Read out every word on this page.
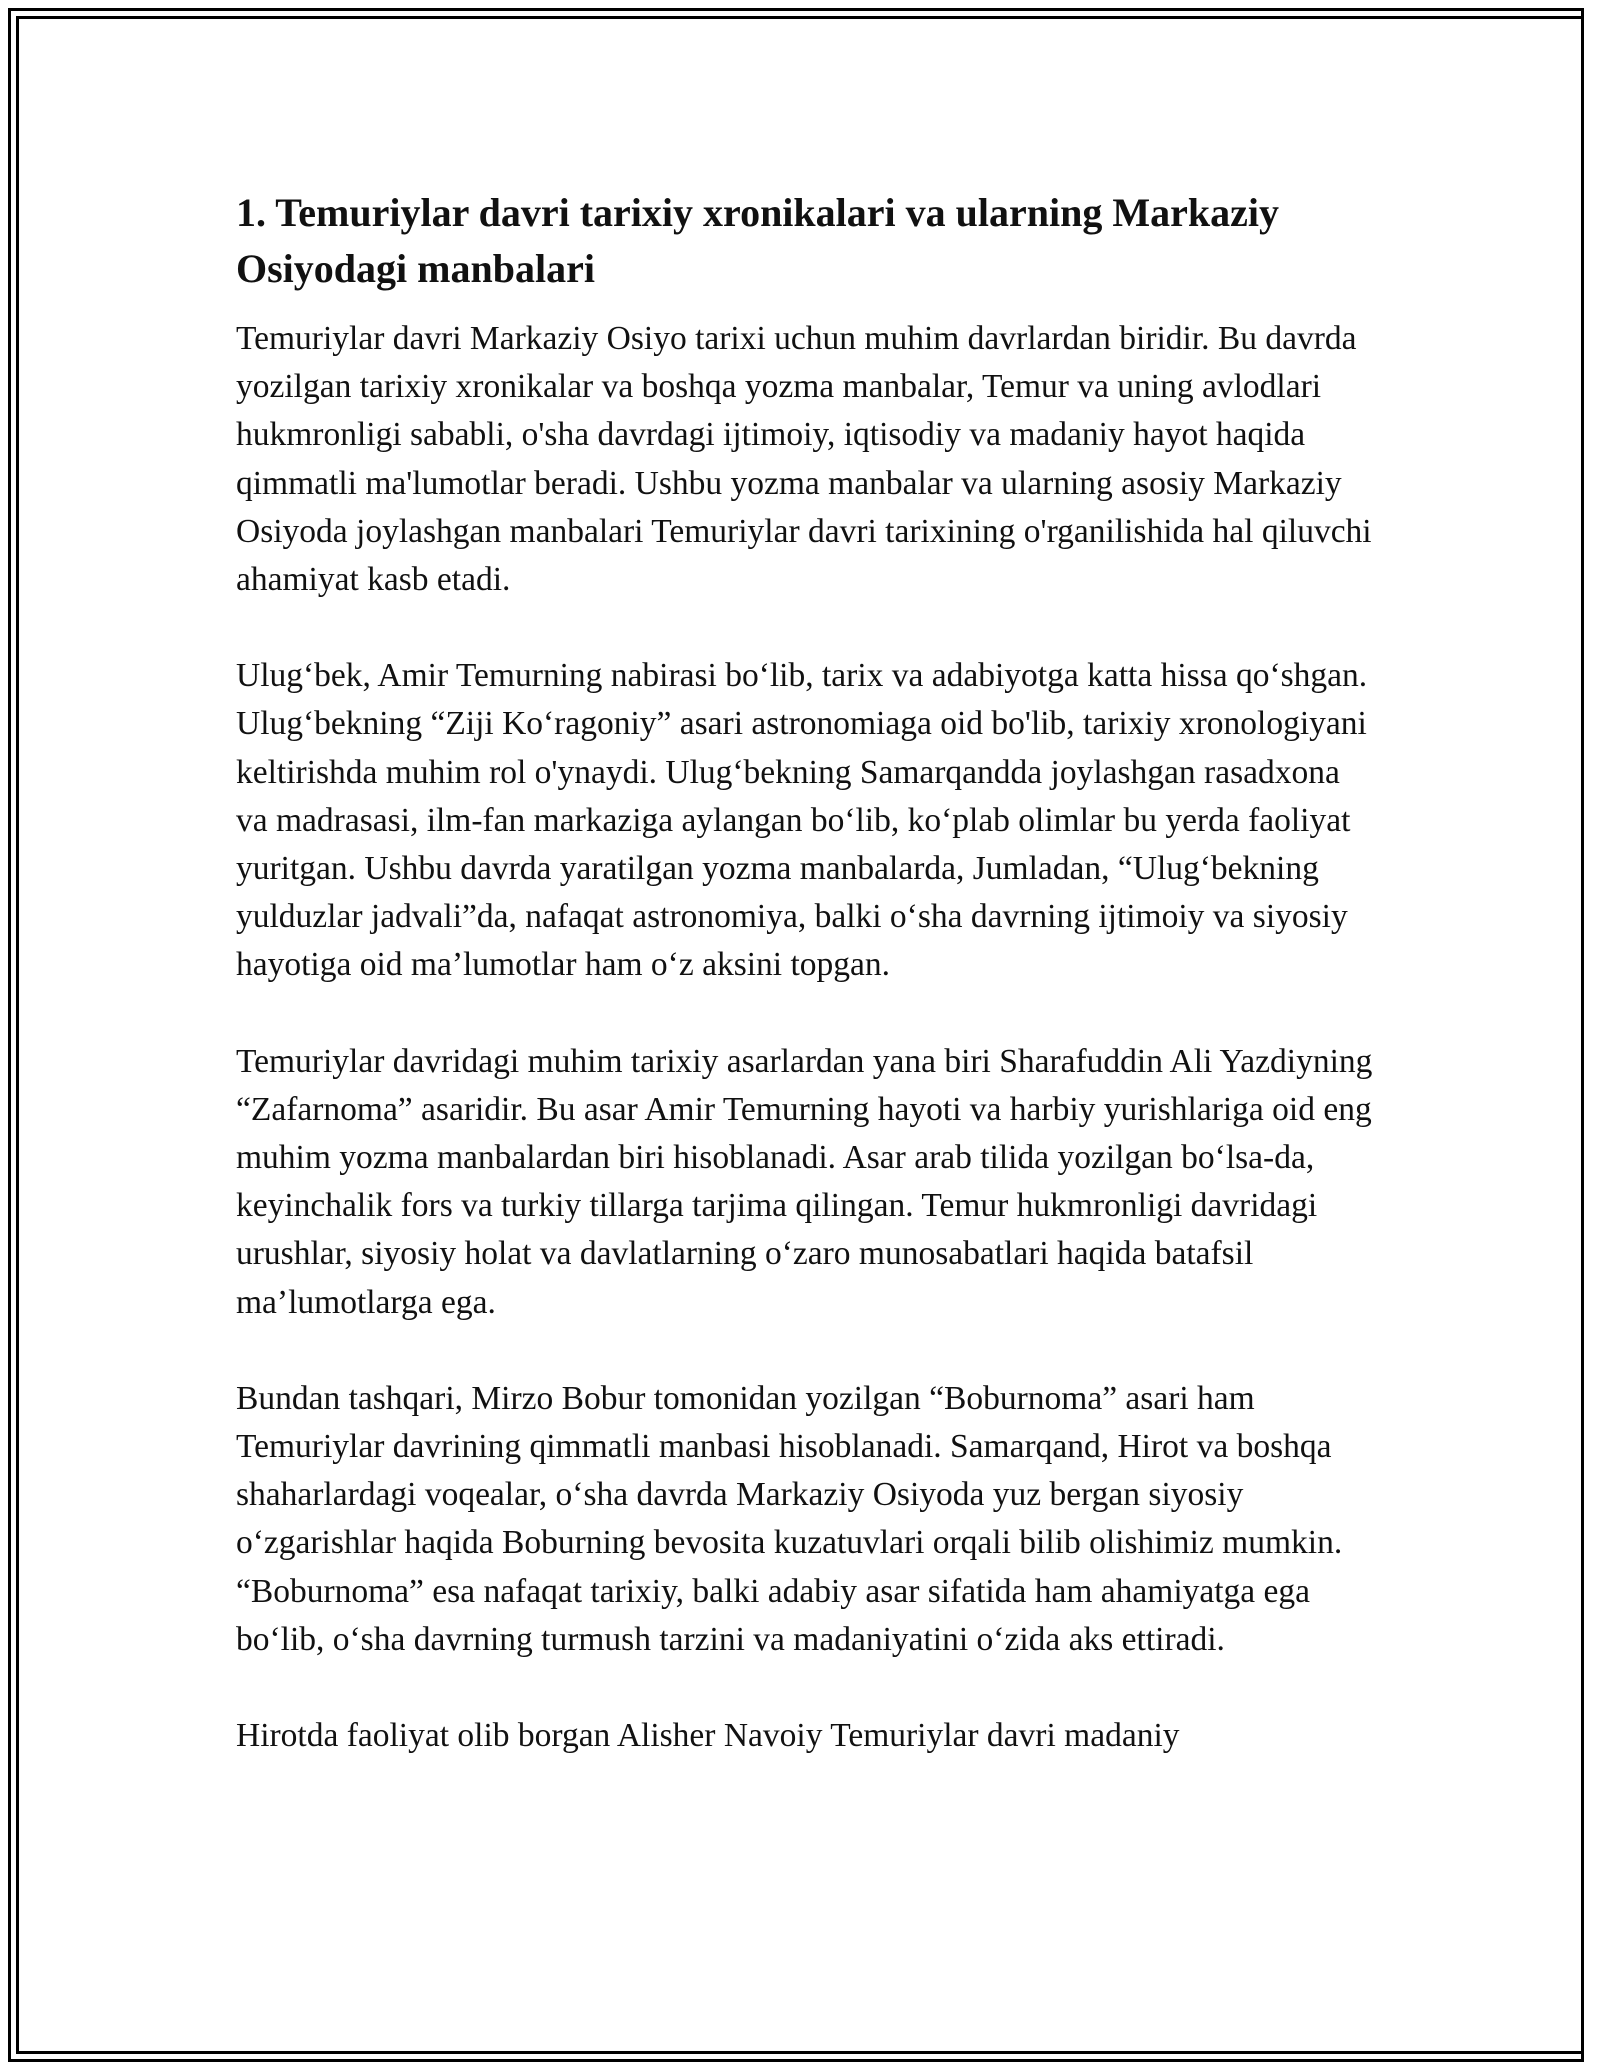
1. Temuriylar davri tarixiy xronikalari va ularning Markaziy Osiyodagi manbalari

Temuriylar davri Markaziy Osiyo tarixi uchun muhim davrlardan biridir. Bu davrda yozilgan tarixiy xronikalar va boshqa yozma manbalar, Temur va uning avlodlari hukmronligi sababli, o'sha davrdagi ijtimoiy, iqtisodiy va madaniy hayot haqida qimmatli ma'lumotlar beradi. Ushbu yozma manbalar va ularning asosiy Markaziy Osiyoda joylashgan manbalari Temuriylar davri tarixining o'rganilishida hal qiluvchi ahamiyat kasb etadi.

Ulug‘bek, Amir Temurning nabirasi bo‘lib, tarix va adabiyotga katta hissa qo‘shgan. Ulug‘bekning “Ziji Ko‘ragoniy” asari astronomiaga oid bo'lib, tarixiy xronologiyani keltirishda muhim rol o'ynaydi. Ulug‘bekning Samarqandda joylashgan rasadxona va madrasasi, ilm-fan markaziga aylangan bo‘lib, ko‘plab olimlar bu yerda faoliyat yuritgan. Ushbu davrda yaratilgan yozma manbalarda, Jumladan, “Ulug‘bekning yulduzlar jadvali”da, nafaqat astronomiya, balki o‘sha davrning ijtimoiy va siyosiy hayotiga oid ma’lumotlar ham o‘z aksini topgan.

Temuriylar davridagi muhim tarixiy asarlardan yana biri Sharafuddin Ali Yazdiyning “Zafarnoma” asaridir. Bu asar Amir Temurning hayoti va harbiy yurishlariga oid eng muhim yozma manbalardan biri hisoblanadi. Asar arab tilida yozilgan bo‘lsa-da, keyinchalik fors va turkiy tillarga tarjima qilingan. Temur hukmronligi davridagi urushlar, siyosiy holat va davlatlarning o‘zaro munosabatlari haqida batafsil ma’lumotlarga ega.

Bundan tashqari, Mirzo Bobur tomonidan yozilgan “Boburnoma” asari ham Temuriylar davrining qimmatli manbasi hisoblanadi. Samarqand, Hirot va boshqa shaharlardagi voqealar, o‘sha davrda Markaziy Osiyoda yuz bergan siyosiy o‘zgarishlar haqida Boburning bevosita kuzatuvlari orqali bilib olishimiz mumkin. “Boburnoma” esa nafaqat tarixiy, balki adabiy asar sifatida ham ahamiyatga ega bo‘lib, o‘sha davrning turmush tarzini va madaniyatini o‘zida aks ettiradi.

Hirotda faoliyat olib borgan Alisher Navoiy Temuriylar davri madaniy
